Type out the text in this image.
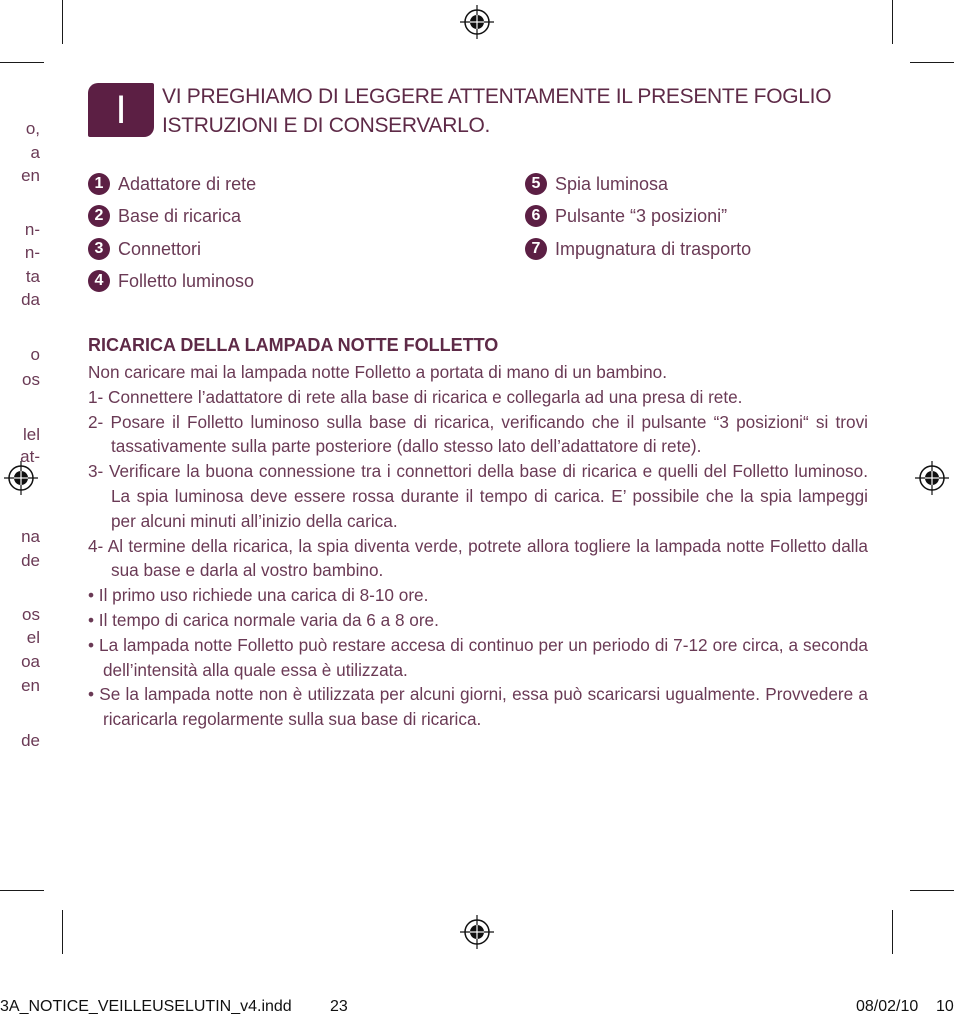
o,
a
en
n-
n-
ta
da
o
os
lel
at-
na
de
os
el
oa
en
de
I	VI PREGHIAMO DI LEGGERE ATTENTAMENTE IL PRESENTE FOGLIO ISTRUZIONI E DI CONSERVARLO.
1 Adattatore di rete
2 Base di ricarica
3 Connettori
4 Folletto luminoso
5 Spia luminosa
6 Pulsante “3 posizioni”
7 Impugnatura di trasporto
RICARICA DELLA LAMPADA NOTTE FOLLETTO

Non caricare mai la lampada notte Folletto a portata di mano di un bambino.

1- Connettere l’adattatore di rete alla base di ricarica e collegarla ad una presa di rete.

2- Posare il Folletto luminoso sulla base di ricarica, verificando che il pulsante “3 posizioni“ si trovi tassativamente sulla parte posteriore (dallo stesso lato dell’adattatore di rete).

3- Verificare la buona connessione tra i connettori della base di ricarica e quelli del Folletto luminoso. La spia luminosa deve essere rossa durante il tempo di carica. E’ possibile che la spia lampeggi per alcuni minuti all’inizio della carica.

4- Al termine della ricarica, la spia diventa verde, potrete allora togliere la lampada notte Folletto dalla sua base e darla al vostro bambino.

• Il primo uso richiede una carica di 8-10 ore.

• Il tempo di carica normale varia da 6 a 8 ore.

• La lampada notte Folletto può restare accesa di continuo per un periodo di 7-12 ore circa, a seconda dell’intensità alla quale essa è utilizzata.

• Se la lampada notte non è utilizzata per alcuni giorni, essa può scaricarsi ugualmente. Provvedere a ricaricarla regolarmente sulla sua base di ricarica.

3A_NOTICE_VEILLEUSELUTIN_v4.indd 23	08/02/10 10
